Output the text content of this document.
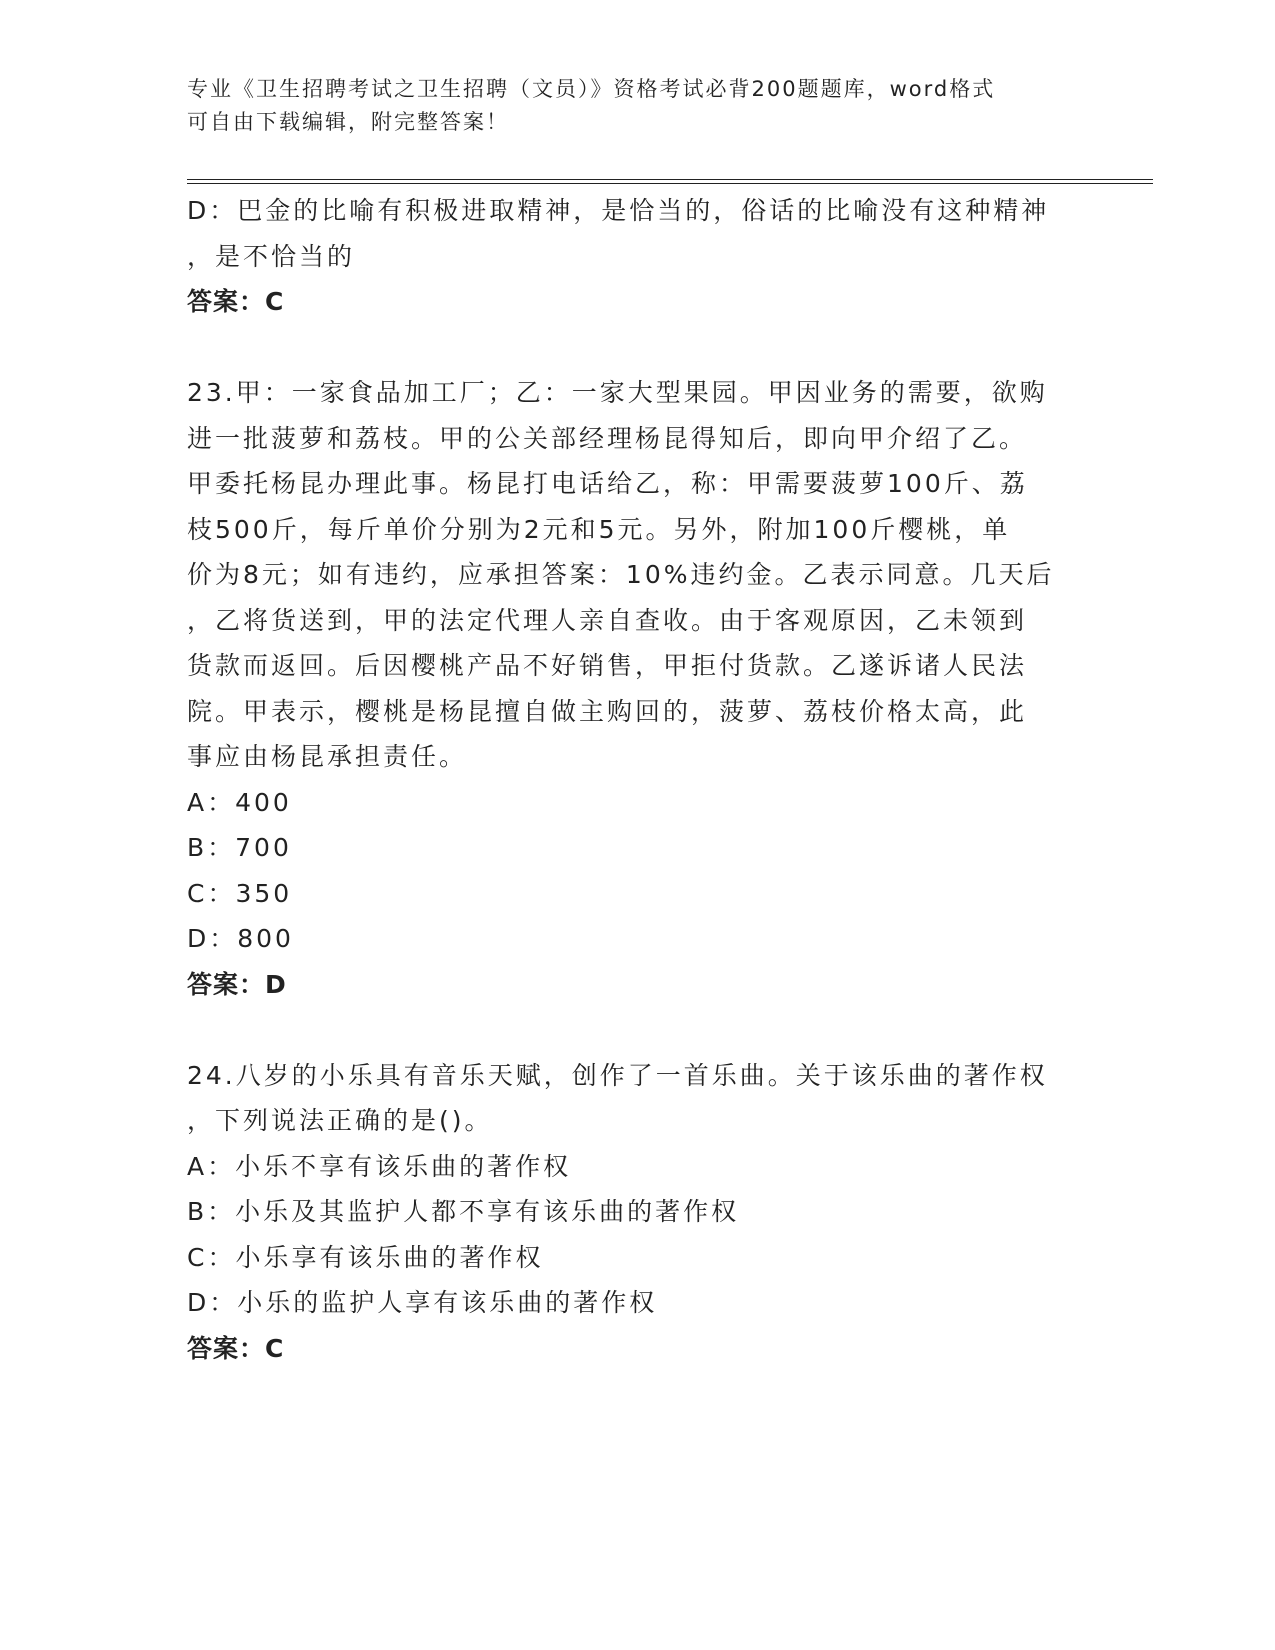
专业《卫生招聘考试之卫生招聘（文员）》资格考试必背200题题库，word格式
可自由下载编辑，附完整答案！
D：巴金的比喻有积极进取精神，是恰当的，俗话的比喻没有这种精神
，是不恰当的
答案：C
23.甲：一家食品加工厂；乙：一家大型果园。甲因业务的需要，欲购
进一批菠萝和荔枝。甲的公关部经理杨昆得知后，即向甲介绍了乙。
甲委托杨昆办理此事。杨昆打电话给乙，称：甲需要菠萝100斤、荔
枝500斤，每斤单价分别为2元和5元。另外，附加100斤樱桃，单
价为8元；如有违约，应承担答案：10%违约金。乙表示同意。几天后
，乙将货送到，甲的法定代理人亲自查收。由于客观原因，乙未领到
货款而返回。后因樱桃产品不好销售，甲拒付货款。乙遂诉诸人民法
院。甲表示，樱桃是杨昆擅自做主购回的，菠萝、荔枝价格太高，此
事应由杨昆承担责任。
A：400
B：700
C：350
D：800
答案：D
24.八岁的小乐具有音乐天赋，创作了一首乐曲。关于该乐曲的著作权
，下列说法正确的是()。
A：小乐不享有该乐曲的著作权
B：小乐及其监护人都不享有该乐曲的著作权
C：小乐享有该乐曲的著作权
D：小乐的监护人享有该乐曲的著作权
答案：C
